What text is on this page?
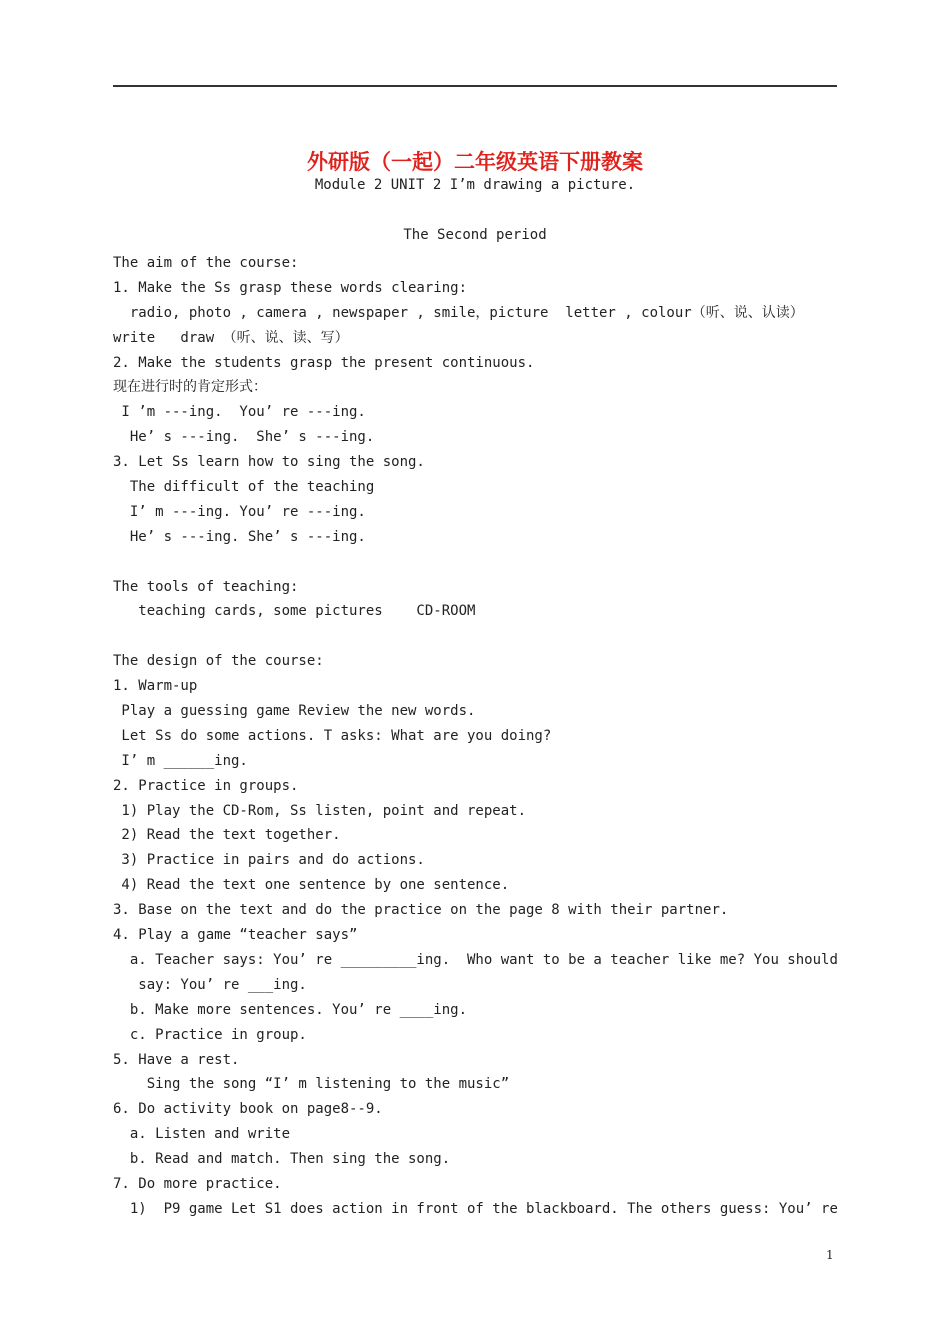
外研版（一起）二年级英语下册教案
Module 2 UNIT 2 I’m drawing a picture.
The Second period
The aim of the course:
1. Make the Ss grasp these words clearing:
radio, photo , camera , newspaper , smile，picture  letter , colour（听、说、认读）
write   draw （听、说、读、写）
2. Make the students grasp the present continuous.
现在进行时的肯定形式：
I ’m ---ing.  You’ re ---ing.
He’ s ---ing.  She’ s ---ing.
3. Let Ss learn how to sing the song.
The difficult of the teaching
I’ m ---ing. You’ re ---ing.
He’ s ---ing. She’ s ---ing.
The tools of teaching:
teaching cards, some pictures    CD-ROOM
The design of the course:
1. Warm-up
Play a guessing game Review the new words.
Let Ss do some actions. T asks: What are you doing?
I’ m ______ing.
2. Practice in groups.
1) Play the CD-Rom, Ss listen, point and repeat.
2) Read the text together.
3) Practice in pairs and do actions.
4) Read the text one sentence by one sentence.
3. Base on the text and do the practice on the page 8 with their partner.
4. Play a game “teacher says”
a. Teacher says: You’ re _________ing.  Who want to be a teacher like me? You should
say: You’ re ___ing.
b. Make more sentences. You’ re ____ing.
c. Practice in group.
5. Have a rest.
Sing the song “I’ m listening to the music”
6. Do activity book on page8--9.
a. Listen and write
b. Read and match. Then sing the song.
7. Do more practice.
1)  P9 game Let S1 does action in front of the blackboard. The others guess: You’ re
1
